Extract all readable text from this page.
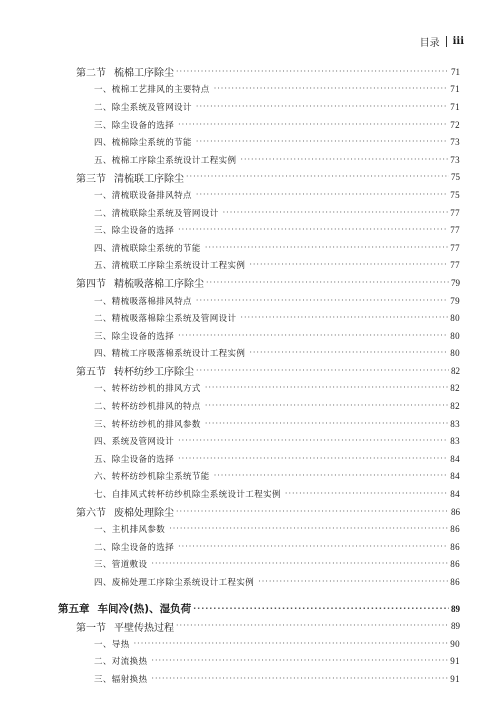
目录 iii
第二节 梳棉工序除尘 ·····	71
一、梳棉工艺排风的主要特点 ·····	71
二、除尘系统及管网设计 ·····	71
三、除尘设备的选择 ·····	72
四、梳棉除尘系统的节能 ·····	73
五、梳棉工序除尘系统设计工程实例 ·····	73
第三节 清梳联工序除尘 ·····	75
一、清梳联设备排风特点 ·····	75
二、清梳联除尘系统及管网设计 ·····	77
三、除尘设备的选择 ·····	77
四、清梳联除尘系统的节能 ·····	77
五、清梳联工序除尘系统设计工程实例 ·····	77
第四节 精梳吸落棉工序除尘 ·····	79
一、精梳吸落棉排风特点 ·····	79
二、精梳吸落棉除尘系统及管网设计 ·····	80
三、除尘设备的选择 ·····	80
四、精梳工序吸落棉系统设计工程实例 ·····	80
第五节 转杯纺纱工序除尘 ·····	82
一、转杯纺纱机的排风方式 ·····	82
二、转杯纺纱机排风的特点 ·····	82
三、转杯纺纱机的排风参数 ·····	83
四、系统及管网设计 ·····	83
五、除尘设备的选择 ·····	84
六、转杯纺纱机除尘系统节能 ·····	84
七、自排风式转杯纺纱机除尘系统设计工程实例 ·····	84
第六节 废棉处理除尘 ·····	86
一、主机排风参数 ·····	86
二、除尘设备的选择 ·····	86
三、管道敷设 ·····	86
四、废棉处理工序除尘系统设计工程实例 ·····	86
第五章 车间冷(热)、湿负荷 ·····	89
第一节 平壁传热过程 ·····	89
一、导热 ·····	90
二、对流换热 ·····	91
三、辐射换热 ·····	91
